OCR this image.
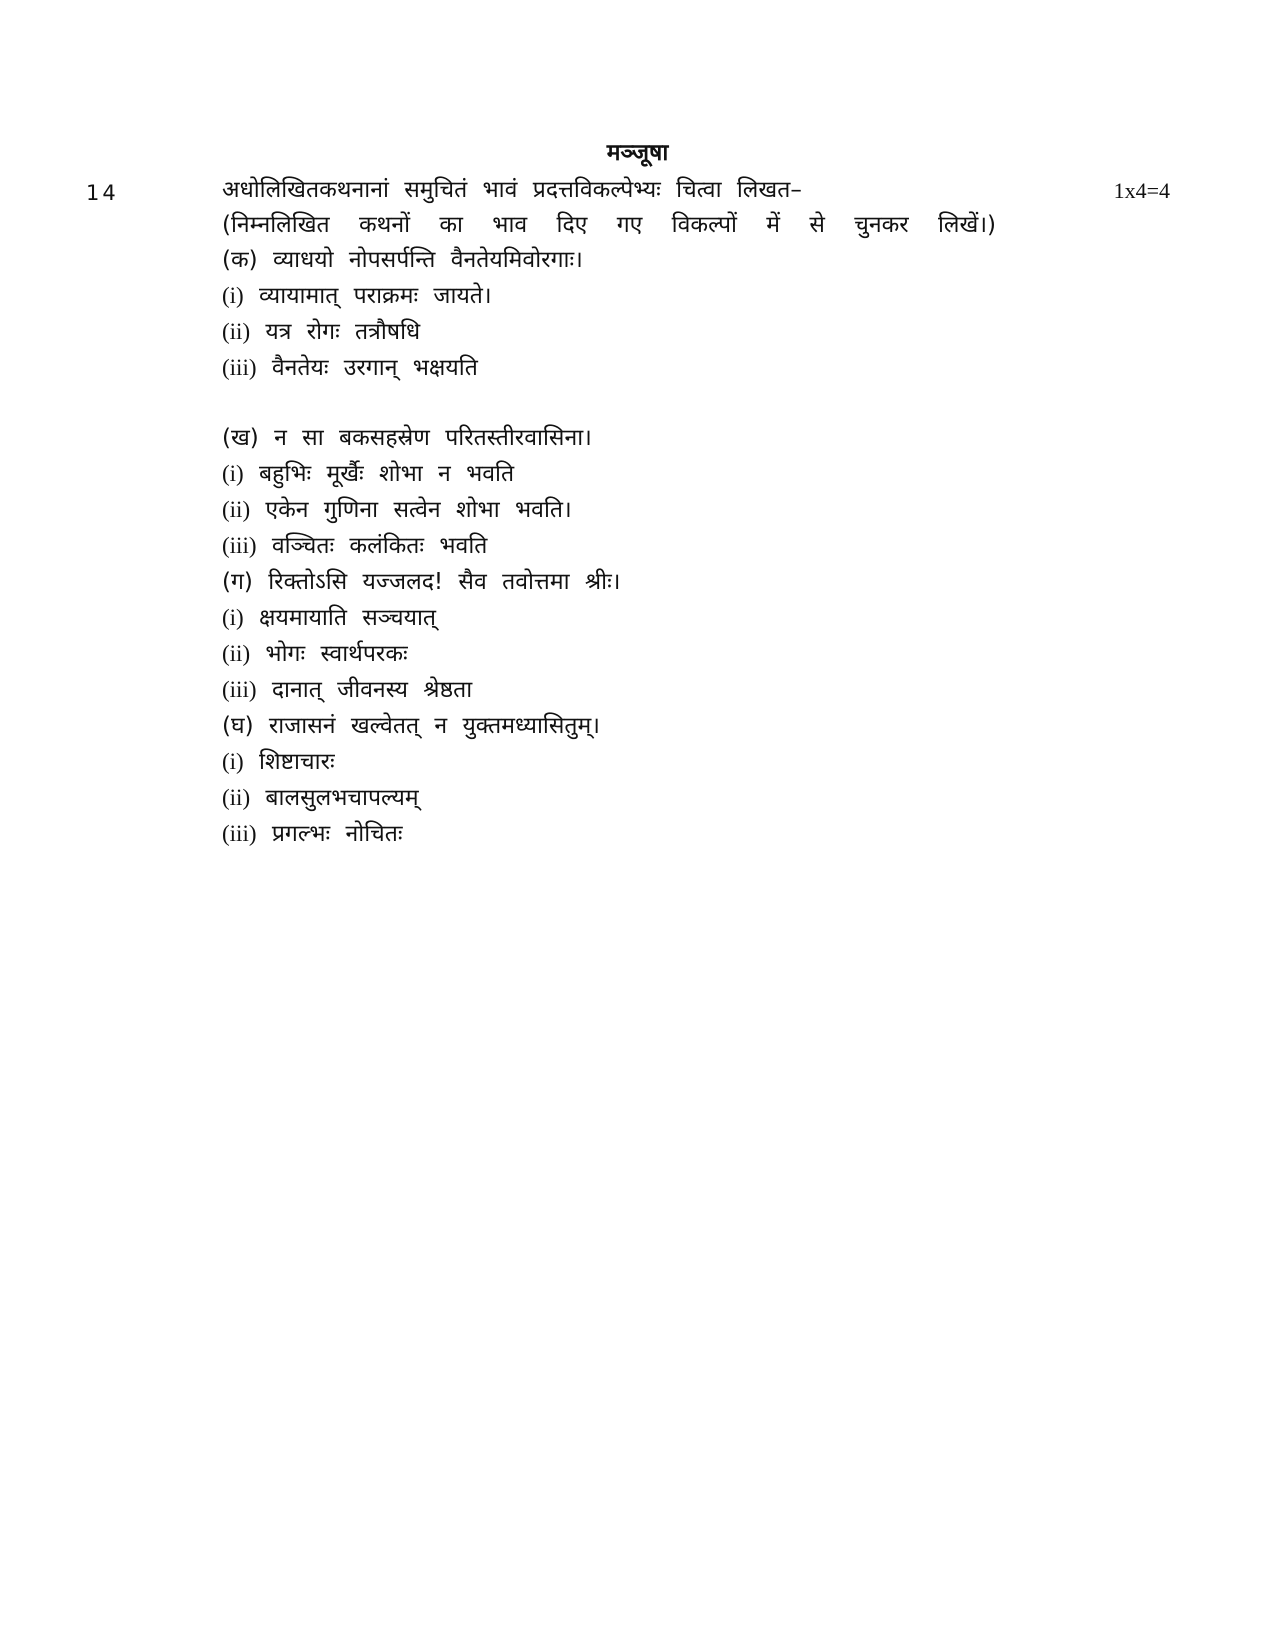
मञ्जूषा
14	1x4=4
अधोलिखितकथनानां समुचितं भावं प्रदत्तविकल्पेभ्यः चित्वा लिखत–
(निम्नलिखित कथनों का भाव दिए गए विकल्पों में से चुनकर लिखें।)
(क) व्याधयो नोपसर्पन्ति वैनतेयमिवोरगाः।
(i) व्यायामात् पराक्रमः जायते।
(ii) यत्र रोगः तत्रौषधि
(iii) वैनतेयः उरगान् भक्षयति
(ख) न सा बकसहस्रेण परितस्तीरवासिना।
(i) बहुभिः मूर्खैः शोभा न भवति
(ii) एकेन गुणिना सत्वेन शोभा भवति।
(iii) वञ्चितः कलंकितः भवति
(ग) रिक्तोऽसि यज्जलद! सैव तवोत्तमा श्रीः।
(i) क्षयमायाति सञ्चयात्
(ii) भोगः स्वार्थपरकः
(iii) दानात् जीवनस्य श्रेष्ठता
(घ) राजासनं खल्वेतत् न युक्तमध्यासितुम्।
(i) शिष्टाचारः
(ii) बालसुलभचापल्यम्
(iii) प्रगल्भः नोचितः
